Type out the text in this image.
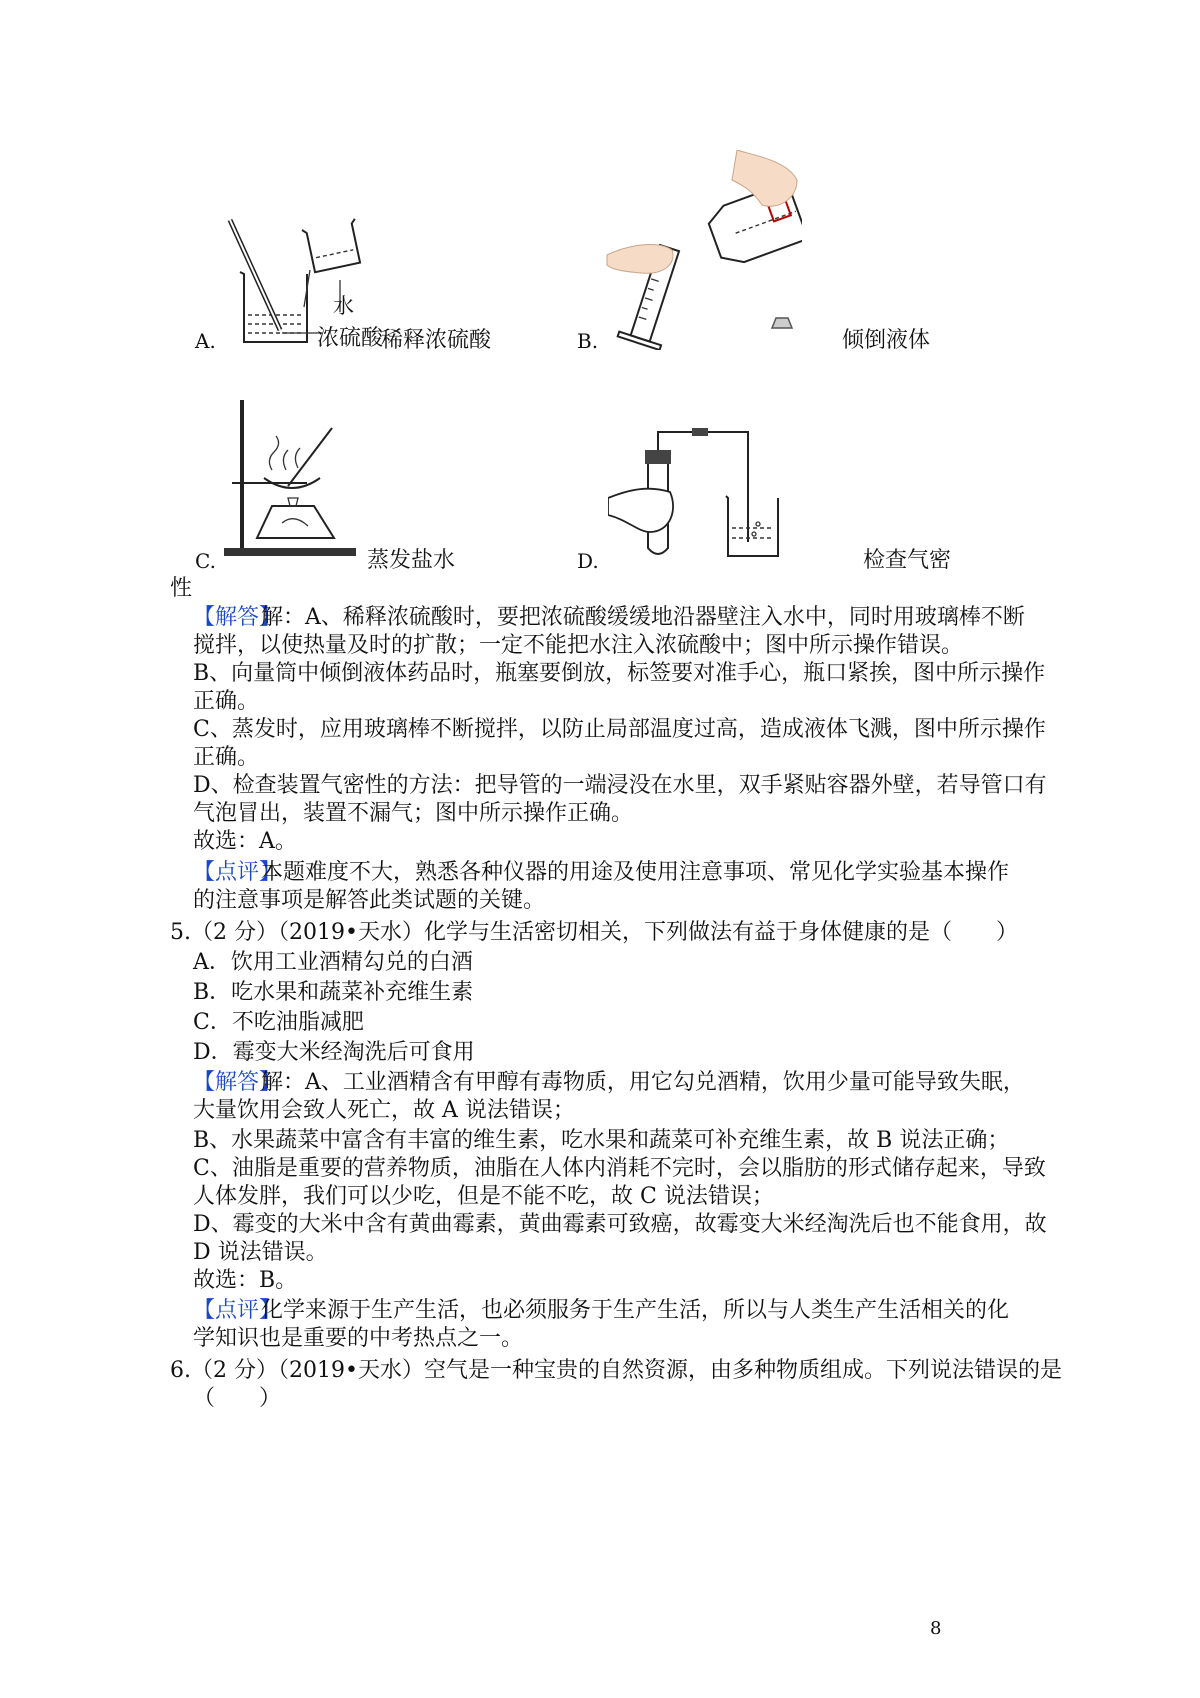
A.
水
浓硫酸
稀释浓硫酸	B.	倾倒液体
C.	蒸发盐水	D.	检查气密
性
【解答】
解：A、稀释浓硫酸时，要把浓硫酸缓缓地沿器壁注入水中，同时用玻璃棒不断
搅拌，以使热量及时的扩散；一定不能把水注入浓硫酸中；图中所示操作错误。
B、向量筒中倾倒液体药品时，瓶塞要倒放，标签要对准手心，瓶口紧挨，图中所示操作
正确。
C、蒸发时，应用玻璃棒不断搅拌，以防止局部温度过高，造成液体飞溅，图中所示操作
正确。
D、检查装置气密性的方法：把导管的一端浸没在水里，双手紧贴容器外壁，若导管口有
气泡冒出，装置不漏气；图中所示操作正确。
故选：A。
【点评】
本题难度不大，熟悉各种仪器的用途及使用注意事项、常见化学实验基本操作
的注意事项是解答此类试题的关键。
5.（2 分）（2019•天水）化学与生活密切相关，下列做法有益于身体健康的是（　　）
A．饮用工业酒精勾兑的白酒
B．吃水果和蔬菜补充维生素
C．不吃油脂减肥
D．霉变大米经淘洗后可食用
【解答】
解：A、工业酒精含有甲醇有毒物质，用它勾兑酒精，饮用少量可能导致失眠，
大量饮用会致人死亡，故 A 说法错误；
B、水果蔬菜中富含有丰富的维生素，吃水果和蔬菜可补充维生素，故 B 说法正确；
C、油脂是重要的营养物质，油脂在人体内消耗不完时，会以脂肪的形式储存起来，导致
人体发胖，我们可以少吃，但是不能不吃，故 C 说法错误；
D、霉变的大米中含有黄曲霉素，黄曲霉素可致癌，故霉变大米经淘洗后也不能食用，故
D 说法错误。
故选：B。
【点评】
化学来源于生产生活，也必须服务于生产生活，所以与人类生产生活相关的化
学知识也是重要的中考热点之一。
6.（2 分）（2019•天水）空气是一种宝贵的自然资源，由多种物质组成。下列说法错误的是
（　　）
8
